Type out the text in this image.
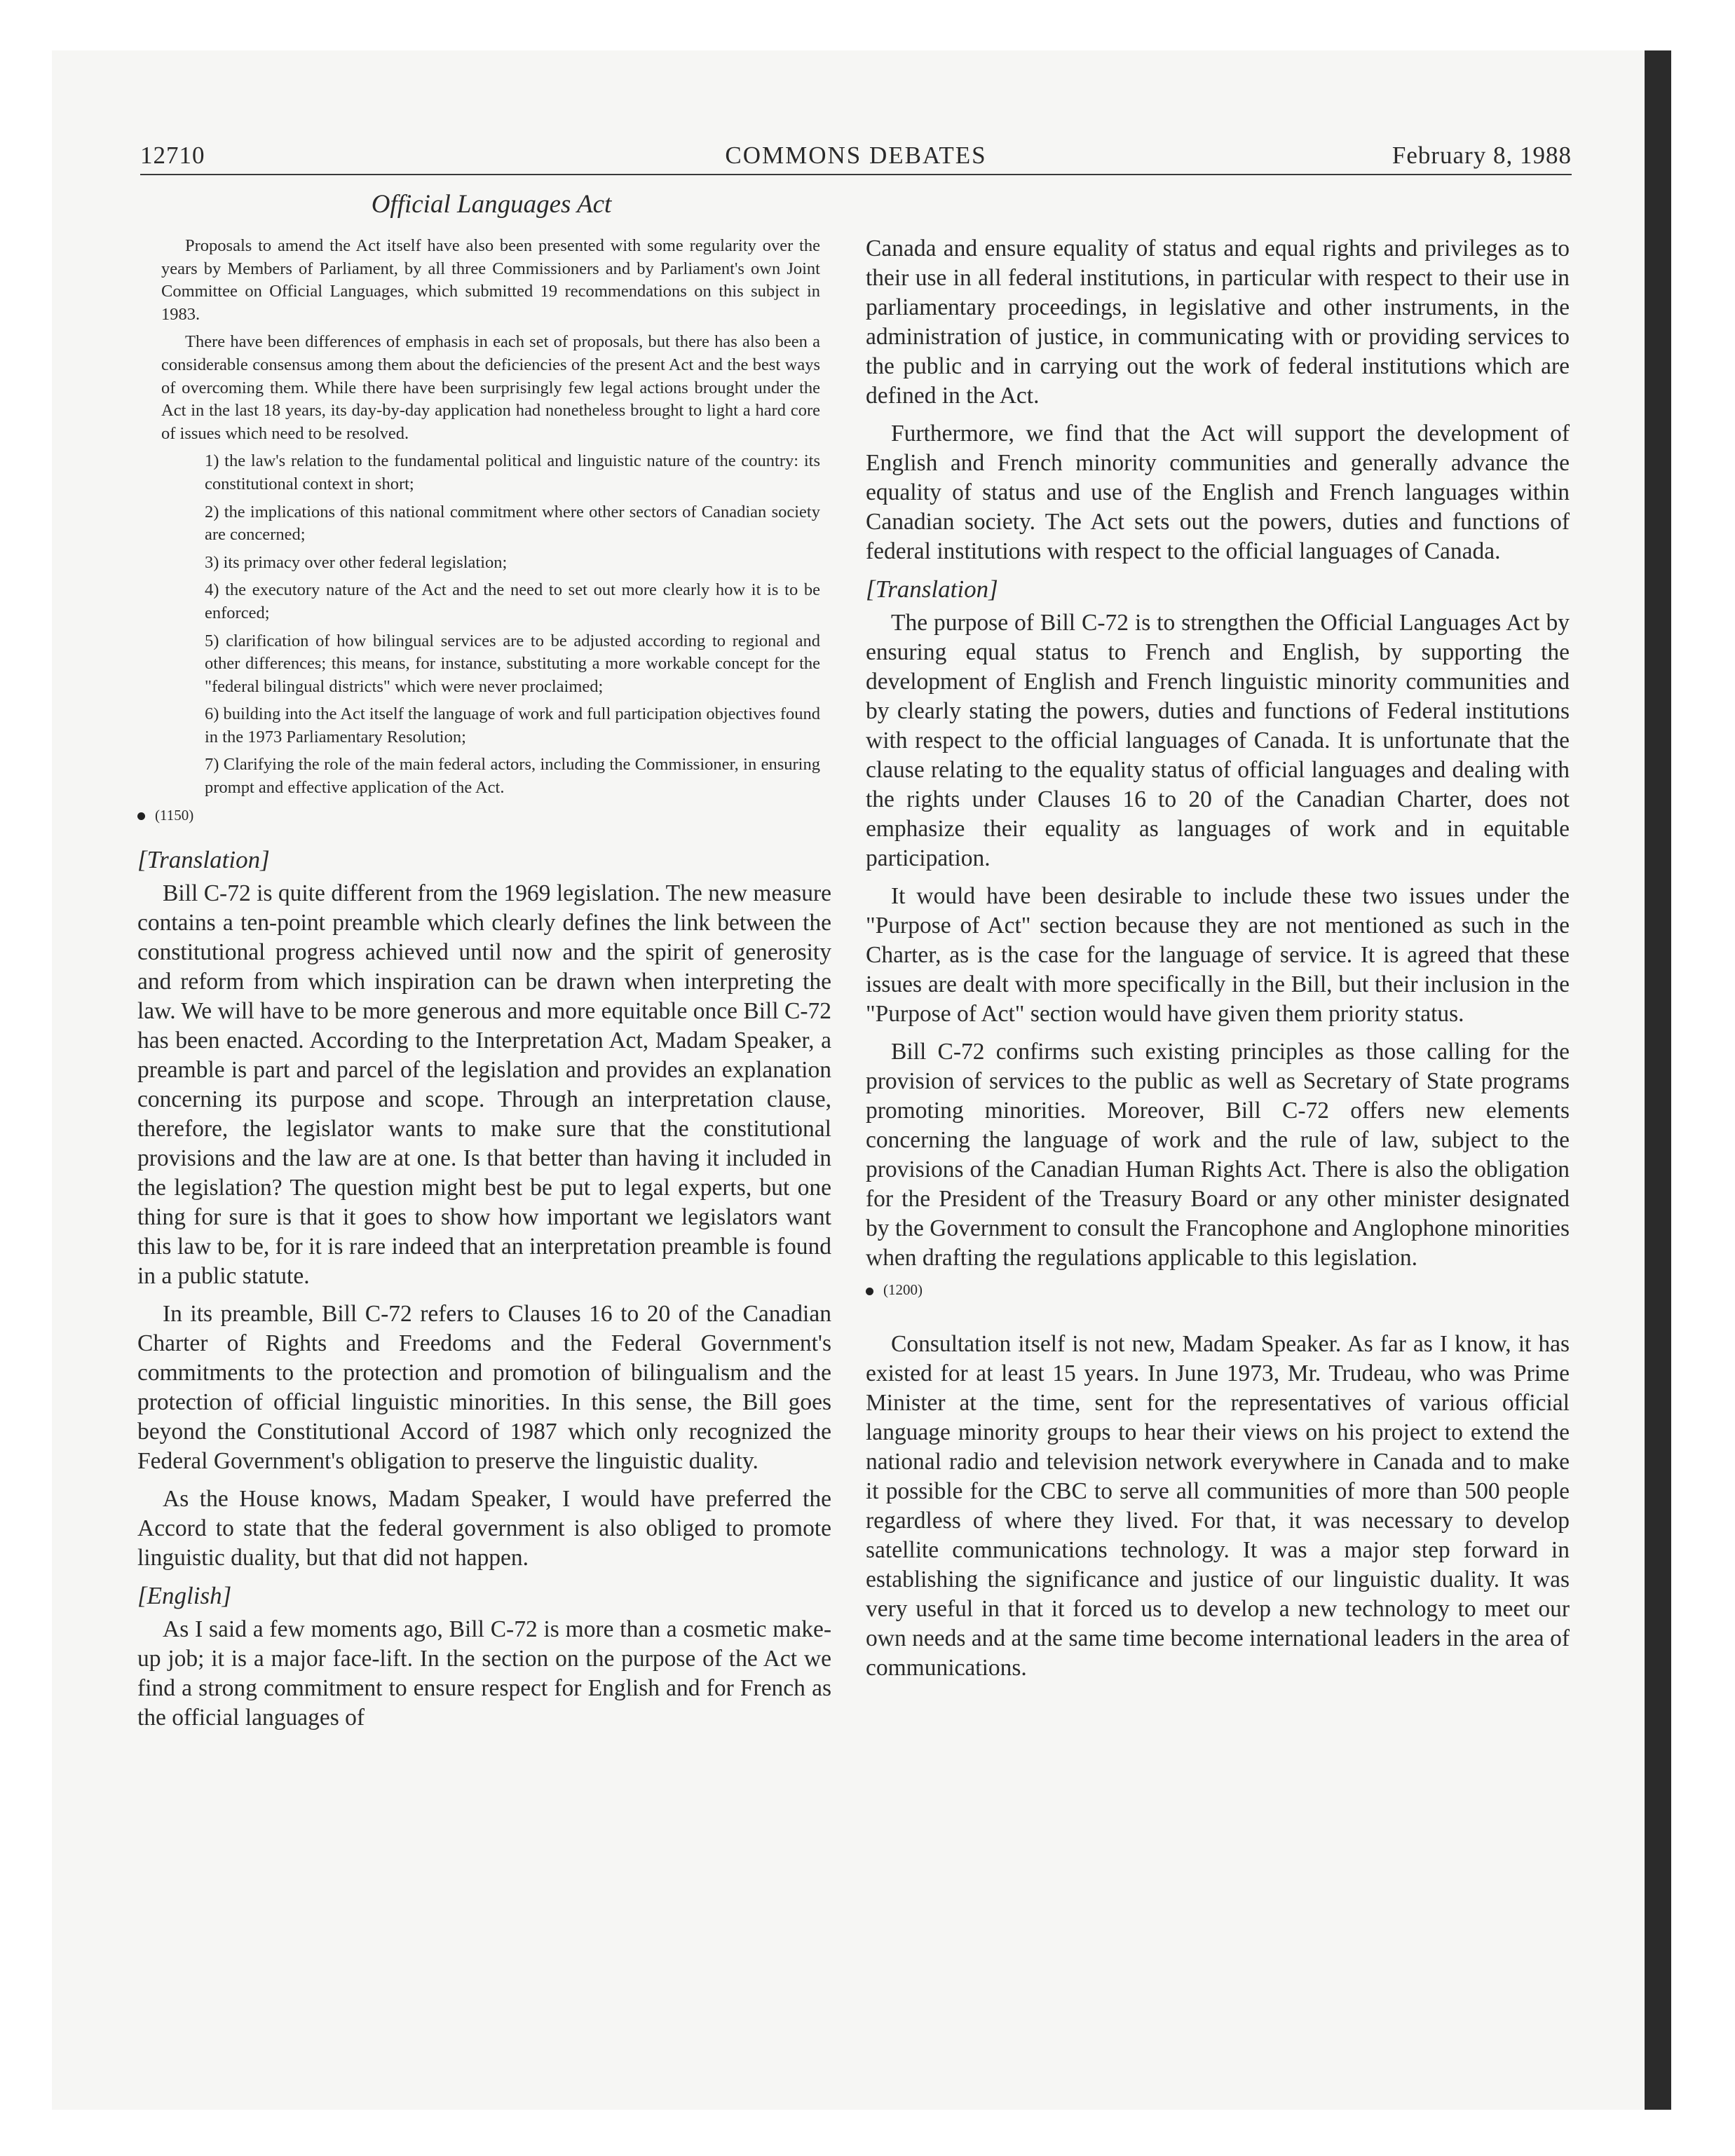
12710	COMMONS DEBATES	February 8, 1988
Official Languages Act

Proposals to amend the Act itself have also been presented with some regularity over the years by Members of Parliament, by all three Commissioners and by Parliament's own Joint Committee on Official Languages, which submitted 19 recommendations on this subject in 1983.

There have been differences of emphasis in each set of proposals, but there has also been a considerable consensus among them about the deficiencies of the present Act and the best ways of overcoming them. While there have been surprisingly few legal actions brought under the Act in the last 18 years, its day-by-day application had nonetheless brought to light a hard core of issues which need to be resolved.

1) the law's relation to the fundamental political and linguistic nature of the country: its constitutional context in short;

2) the implications of this national commitment where other sectors of Canadian society are concerned;

3) its primacy over other federal legislation;

4) the executory nature of the Act and the need to set out more clearly how it is to be enforced;

5) clarification of how bilingual services are to be adjusted according to regional and other differences; this means, for instance, substituting a more workable concept for the "federal bilingual districts" which were never proclaimed;

6) building into the Act itself the language of work and full participation objectives found in the 1973 Parliamentary Resolution;

7) Clarifying the role of the main federal actors, including the Commissioner, in ensuring prompt and effective application of the Act.

(1150)
[Translation]

Bill C-72 is quite different from the 1969 legislation. The new measure contains a ten-point preamble which clearly defines the link between the constitutional progress achieved until now and the spirit of generosity and reform from which inspiration can be drawn when interpreting the law. We will have to be more generous and more equitable once Bill C-72 has been enacted. According to the Interpretation Act, Madam Speaker, a preamble is part and parcel of the legislation and provides an explanation concerning its purpose and scope. Through an interpretation clause, therefore, the legislator wants to make sure that the constitutional provisions and the law are at one. Is that better than having it included in the legislation? The question might best be put to legal experts, but one thing for sure is that it goes to show how important we legislators want this law to be, for it is rare indeed that an interpretation preamble is found in a public statute.

In its preamble, Bill C-72 refers to Clauses 16 to 20 of the Canadian Charter of Rights and Freedoms and the Federal Government's commitments to the protection and promotion of bilingualism and the protection of official linguistic minorities. In this sense, the Bill goes beyond the Constitutional Accord of 1987 which only recognized the Federal Government's obligation to preserve the linguistic duality.

As the House knows, Madam Speaker, I would have preferred the Accord to state that the federal government is also obliged to promote linguistic duality, but that did not happen.

[English]

As I said a few moments ago, Bill C-72 is more than a cosmetic make-up job; it is a major face-lift. In the section on the purpose of the Act we find a strong commitment to ensure respect for English and for French as the official languages of

Canada and ensure equality of status and equal rights and privileges as to their use in all federal institutions, in particular with respect to their use in parliamentary proceedings, in legislative and other instruments, in the administration of justice, in communicating with or providing services to the public and in carrying out the work of federal institutions which are defined in the Act.

Furthermore, we find that the Act will support the development of English and French minority communities and generally advance the equality of status and use of the English and French languages within Canadian society. The Act sets out the powers, duties and functions of federal institutions with respect to the official languages of Canada.

[Translation]

The purpose of Bill C-72 is to strengthen the Official Languages Act by ensuring equal status to French and English, by supporting the development of English and French linguistic minority communities and by clearly stating the powers, duties and functions of Federal institutions with respect to the official languages of Canada. It is unfortunate that the clause relating to the equality status of official languages and dealing with the rights under Clauses 16 to 20 of the Canadian Charter, does not emphasize their equality as languages of work and in equitable participation.

It would have been desirable to include these two issues under the "Purpose of Act" section because they are not mentioned as such in the Charter, as is the case for the language of service. It is agreed that these issues are dealt with more specifically in the Bill, but their inclusion in the "Purpose of Act" section would have given them priority status.

Bill C-72 confirms such existing principles as those calling for the provision of services to the public as well as Secretary of State programs promoting minorities. Moreover, Bill C-72 offers new elements concerning the language of work and the rule of law, subject to the provisions of the Canadian Human Rights Act. There is also the obligation for the President of the Treasury Board or any other minister designated by the Government to consult the Francophone and Anglophone minorities when drafting the regulations applicable to this legislation.

(1200)

Consultation itself is not new, Madam Speaker. As far as I know, it has existed for at least 15 years. In June 1973, Mr. Trudeau, who was Prime Minister at the time, sent for the representatives of various official language minority groups to hear their views on his project to extend the national radio and television network everywhere in Canada and to make it possible for the CBC to serve all communities of more than 500 people regardless of where they lived. For that, it was necessary to develop satellite communications technology. It was a major step forward in establishing the significance and justice of our linguistic duality. It was very useful in that it forced us to develop a new technology to meet our own needs and at the same time become international leaders in the area of communications.
